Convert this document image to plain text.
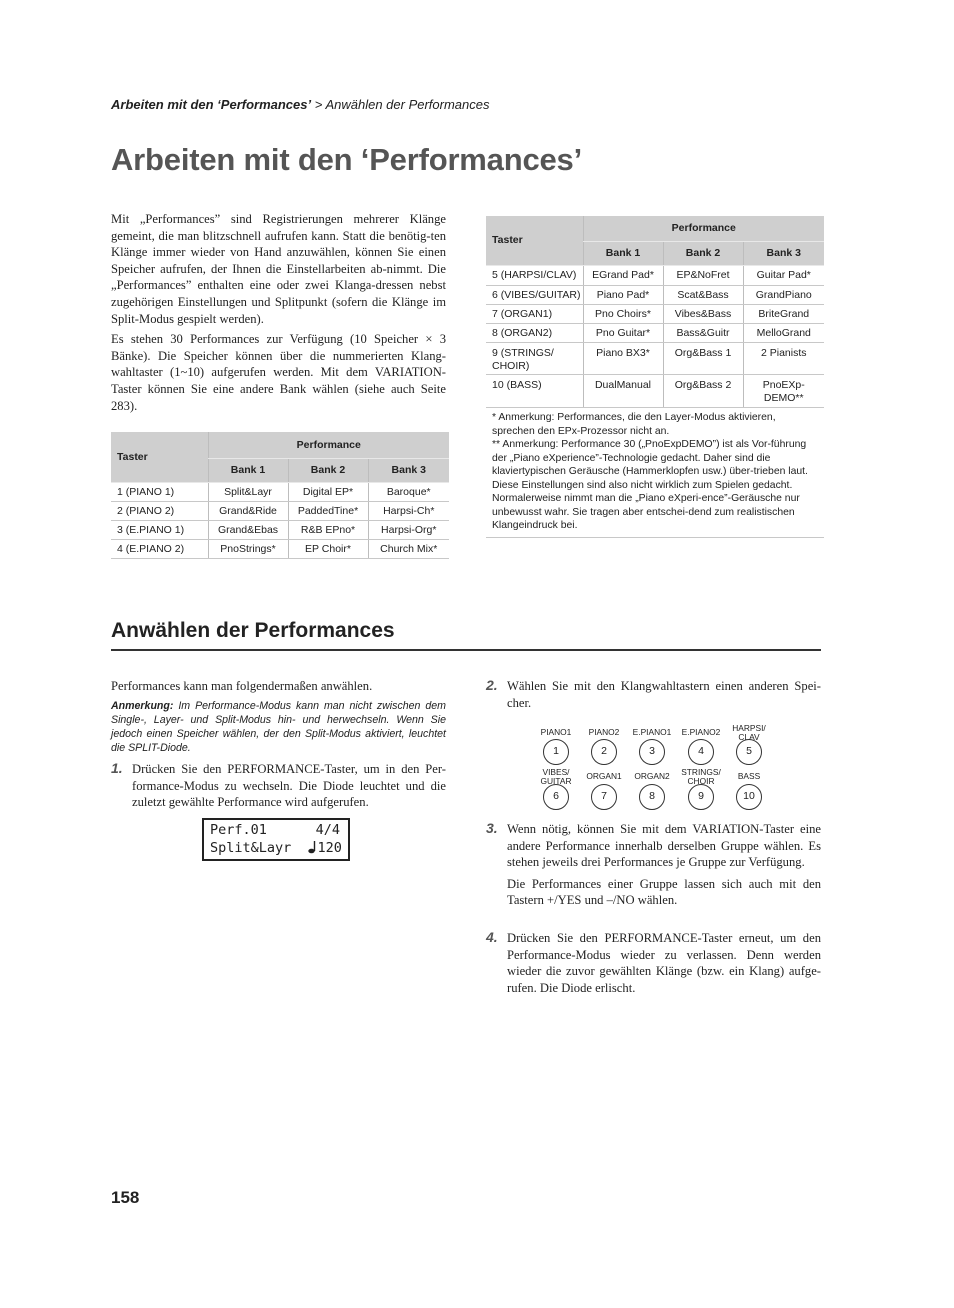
Arbeiten mit den ‘Performances’ > Anwählen der Performances
Arbeiten mit den ‘Performances’

Mit „Performances” sind Registrierungen mehrerer Klänge gemeint, die man blitzschnell aufrufen kann. Statt die benötig-ten Klänge immer wieder von Hand anzuwählen, können Sie einen Speicher aufrufen, der Ihnen die Einstellarbeiten ab-nimmt. Die „Performances” enthalten eine oder zwei Klanga-dressen nebst zugehörigen Einstellungen und Splitpunkt (sofern die Klänge im Split-Modus gespielt werden).

Es stehen 30 Performances zur Verfügung (10 Speicher × 3 Bänke). Die Speicher können über die nummerierten Klang-wahltaster (1~10) aufgerufen werden. Mit dem VARIATION-Taster können Sie eine andere Bank wählen (siehe auch Seite 283).

Taster	Performance		
	Bank 1	Bank 2	Bank 3
1 (PIANO 1)	Split&Layr	Digital EP*	Baroque*
2 (PIANO 2)	Grand&Ride	PaddedTine*	Harpsi-Ch*
3 (E.PIANO 1)	Grand&Ebas	R&B EPno*	Harpsi-Org*
4 (E.PIANO 2)	PnoStrings*	EP Choir*	Church Mix*
Taster	Performance		
	Bank 1	Bank 2	Bank 3
5 (HARPSI/CLAV)	EGrand Pad*	EP&NoFret	Guitar Pad*
6 (VIBES/GUITAR)	Piano Pad*	Scat&Bass	GrandPiano
7 (ORGAN1)	Pno Choirs*	Vibes&Bass	BriteGrand
8 (ORGAN2)	Pno Guitar*	Bass&Guitr	MelloGrand
9 (STRINGS/ CHOIR)	Piano BX3*	Org&Bass 1	2 Pianists
10 (BASS)	DualManual	Org&Bass 2	PnoEXp-DEMO**

* Anmerkung: Performances, die den Layer-Modus aktivieren, sprechen den EPx-Prozessor nicht an.

** Anmerkung: Performance 30 („PnoExpDEMO”) ist als Vor-führung der „Piano eXperience”-Technologie gedacht. Daher sind die klaviertypischen Geräusche (Hammerklopfen usw.) über-trieben laut. Diese Einstellungen sind also nicht wirklich zum Spielen gedacht. Normalerweise nimmt man die „Piano eXperi-ence”-Geräusche nur unbewusst wahr. Sie tragen aber entschei-dend zum realistischen Klangeindruck bei.

Anwählen der Performances

Performances kann man folgendermaßen anwählen.

Anmerkung: Im Performance-Modus kann man nicht zwischen dem Single-, Layer- und Split-Modus hin- und herwechseln. Wenn Sie jedoch einen Speicher wählen, der den Split-Modus aktiviert, leuchtet die SPLIT-Diode.

1. Drücken Sie den PERFORMANCE-Taster, um in den Per-formance-Modus zu wechseln. Die Diode leuchtet und die zuletzt gewählte Performance wird aufgerufen.

Perf.01      4/4
Split&Layr  120
2. Wählen Sie mit den Klangwahltastern einen anderen Spei-cher.

PIANO1
1
PIANO2
2
E.PIANO1
3
E.PIANO2
4
HARPSI/
CLAV
5
VIBES/
GUITAR
6
ORGAN1
7
ORGAN2
8
STRINGS/
CHOIR
9
BASS
10
3. Wenn nötig, können Sie mit dem VARIATION-Taster eine andere Performance innerhalb derselben Gruppe wählen. Es stehen jeweils drei Performances je Gruppe zur Verfügung.

Die Performances einer Gruppe lassen sich auch mit den Tastern +/YES und –/NO wählen.

4. Drücken Sie den PERFORMANCE-Taster erneut, um den Performance-Modus wieder zu verlassen. Denn werden wieder die zuvor gewählten Klänge (bzw. ein Klang) aufge-rufen. Die Diode erlischt.

158
